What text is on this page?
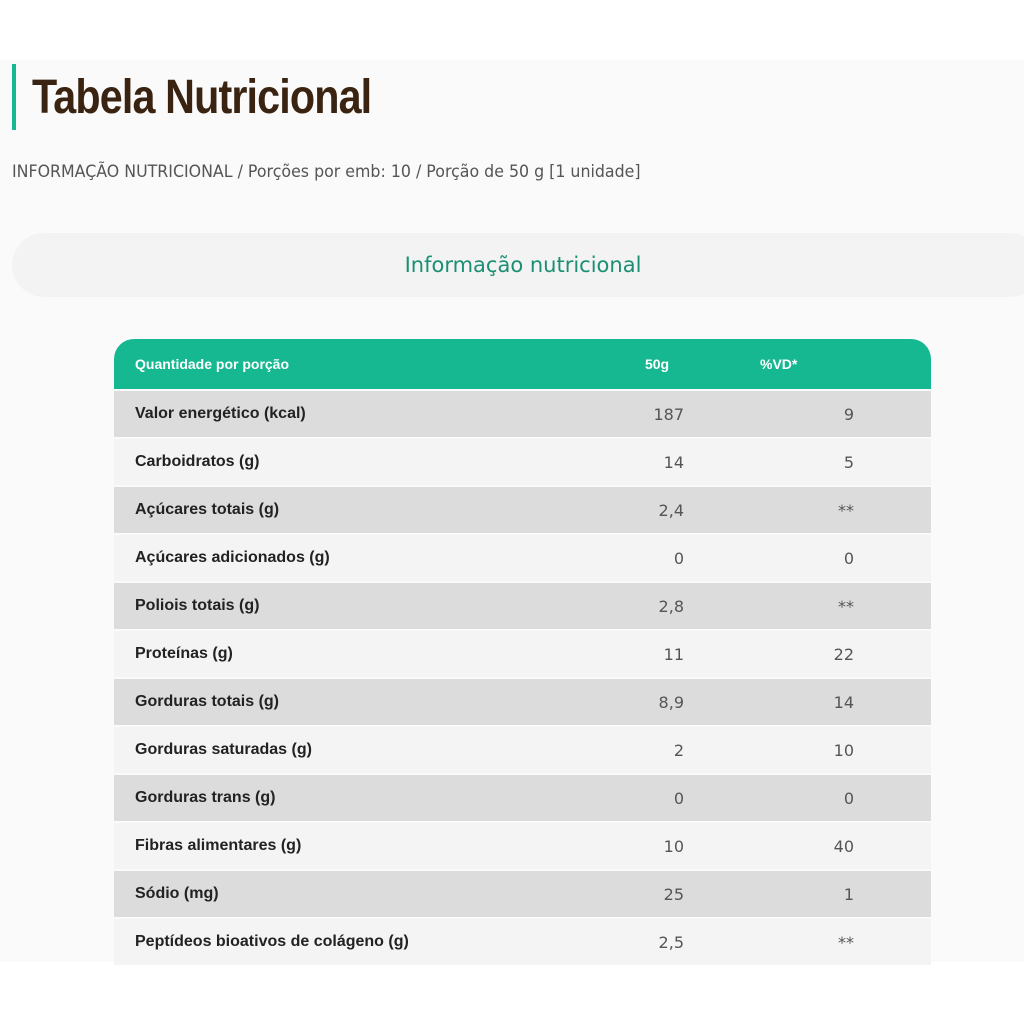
Tabela Nutricional
INFORMAÇÃO NUTRICIONAL / Porções por emb: 10 / Porção de 50 g [1 unidade]
Informação nutricional
Quantidade por porção	50g	%VD*
Valor energético (kcal)	187	9
Carboidratos (g)	14	5
Açúcares totais (g)	2,4	**
Açúcares adicionados (g)	0	0
Poliois totais (g)	2,8	**
Proteínas (g)	11	22
Gorduras totais (g)	8,9	14
Gorduras saturadas (g)	2	10
Gorduras trans (g)	0	0
Fibras alimentares (g)	10	40
Sódio (mg)	25	1
Peptídeos bioativos de colágeno (g)	2,5	**
